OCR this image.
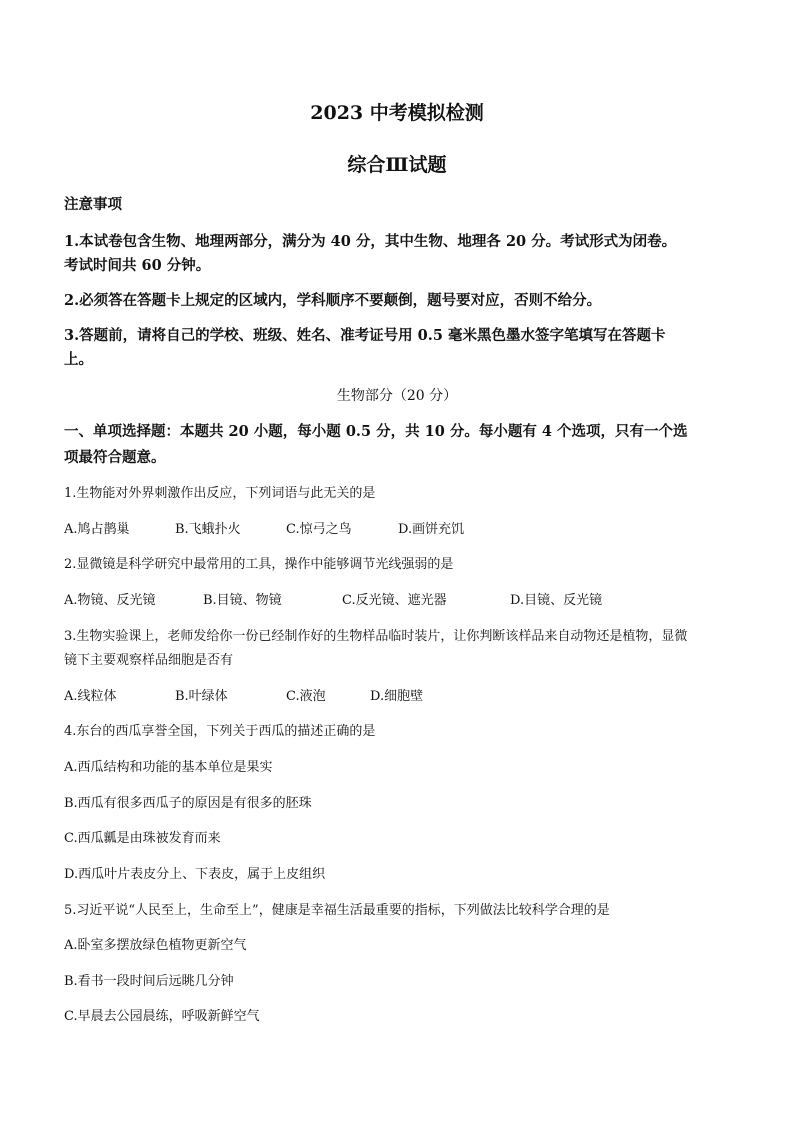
2023 中考模拟检测
综合Ⅲ试题
注意事项
1.本试卷包含生物、地理两部分，满分为 40 分，其中生物、地理各 20 分。考试形式为闭卷。
考试时间共 60 分钟。
2.必须答在答题卡上规定的区域内，学科顺序不要颠倒，题号要对应，否则不给分。
3.答题前，请将自己的学校、班级、姓名、准考证号用 0.5 毫米黑色墨水签字笔填写在答题卡
上。
生物部分（20 分）
一、单项选择题：本题共 20 小题，每小题 0.5 分，共 10 分。每小题有 4 个选项，只有一个选
项最符合题意。
1.生物能对外界刺激作出反应，下列词语与此无关的是
A.鸠占鹊巢	B.飞蛾扑火	C.惊弓之鸟	D.画饼充饥
2.显微镜是科学研究中最常用的工具，操作中能够调节光线强弱的是
A.物镜、反光镜	B.目镜、物镜	C.反光镜、遮光器	D.目镜、反光镜
3.生物实验课上，老师发给你一份已经制作好的生物样品临时装片，让你判断该样品来自动物还是植物，显微
镜下主要观察样品细胞是否有
A.线粒体	B.叶绿体	C.液泡	D.细胞壁
4.东台的西瓜享誉全国，下列关于西瓜的描述正确的是
A.西瓜结构和功能的基本单位是果实
B.西瓜有很多西瓜子的原因是有很多的胚珠
C.西瓜瓤是由珠被发育而来
D.西瓜叶片表皮分上、下表皮，属于上皮组织
5.习近平说“人民至上，生命至上”，健康是幸福生活最重要的指标，下列做法比较科学合理的是
A.卧室多摆放绿色植物更新空气
B.看书一段时间后远眺几分钟
C.早晨去公园晨练，呼吸新鲜空气
